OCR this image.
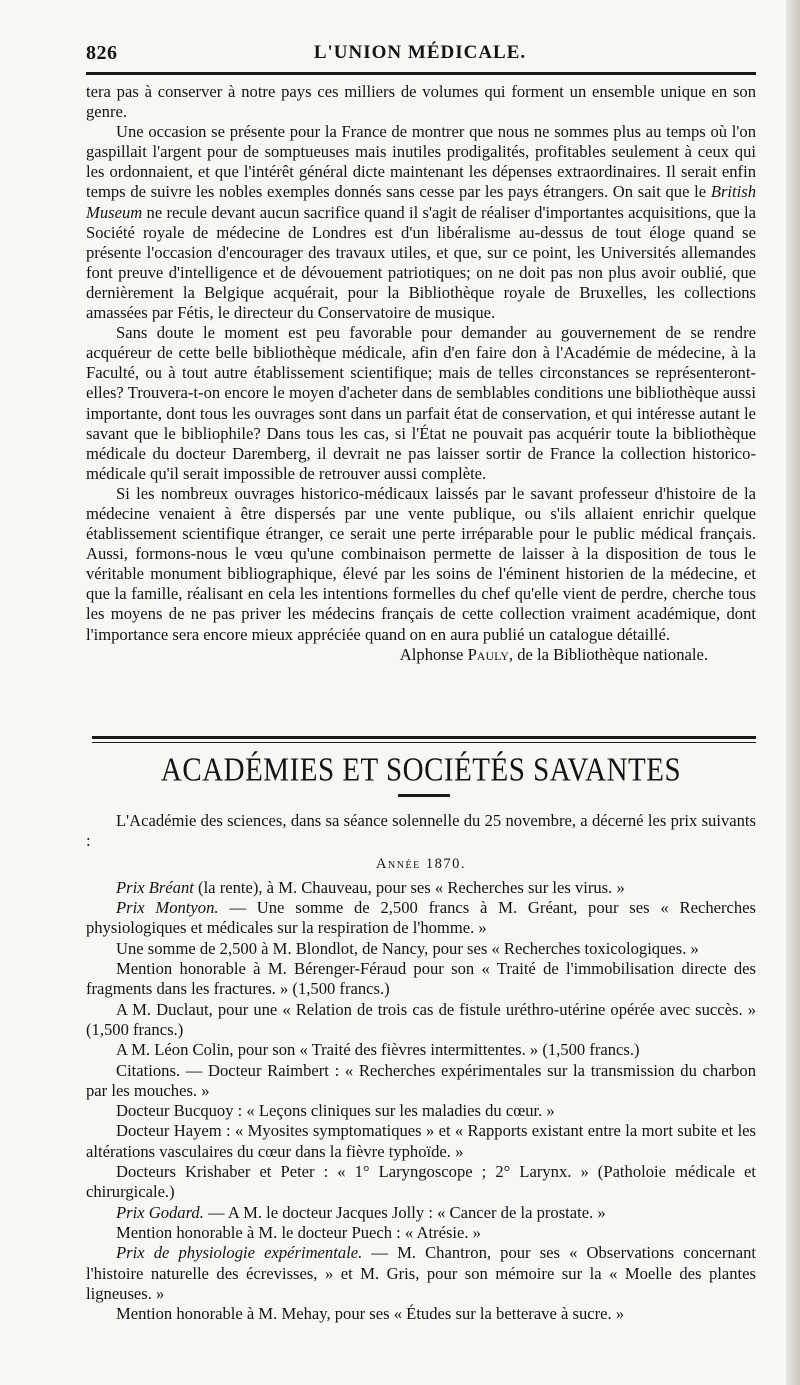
826	L'UNION MÉDICALE.

tera pas à conserver à notre pays ces milliers de volumes qui forment un ensemble unique en son genre.

Une occasion se présente pour la France de montrer que nous ne sommes plus au temps où l'on gaspillait l'argent pour de somptueuses mais inutiles prodigalités, profitables seulement à ceux qui les ordonnaient, et que l'intérêt général dicte maintenant les dépenses extraordinaires. Il serait enfin temps de suivre les nobles exemples donnés sans cesse par les pays étrangers. On sait que le British Museum ne recule devant aucun sacrifice quand il s'agit de réaliser d'importantes acquisitions, que la Société royale de médecine de Londres est d'un libéralisme au-dessus de tout éloge quand se présente l'occasion d'encourager des travaux utiles, et que, sur ce point, les Universités allemandes font preuve d'intelligence et de dévouement patriotiques; on ne doit pas non plus avoir oublié, que dernièrement la Belgique acquérait, pour la Bibliothèque royale de Bruxelles, les collections amassées par Fétis, le directeur du Conservatoire de musique.

Sans doute le moment est peu favorable pour demander au gouvernement de se rendre acquéreur de cette belle bibliothèque médicale, afin d'en faire don à l'Académie de médecine, à la Faculté, ou à tout autre établissement scientifique; mais de telles circonstances se représenteront-elles? Trouvera-t-on encore le moyen d'acheter dans de semblables conditions une bibliothèque aussi importante, dont tous les ouvrages sont dans un parfait état de conservation, et qui intéresse autant le savant que le bibliophile? Dans tous les cas, si l'État ne pouvait pas acquérir toute la bibliothèque médicale du docteur Daremberg, il devrait ne pas laisser sortir de France la collection historico-médicale qu'il serait impossible de retrouver aussi complète.

Si les nombreux ouvrages historico-médicaux laissés par le savant professeur d'histoire de la médecine venaient à être dispersés par une vente publique, ou s'ils allaient enrichir quelque établissement scientifique étranger, ce serait une perte irréparable pour le public médical français. Aussi, formons-nous le vœu qu'une combinaison permette de laisser à la disposition de tous le véritable monument bibliographique, élevé par les soins de l'éminent historien de la médecine, et que la famille, réalisant en cela les intentions formelles du chef qu'elle vient de perdre, cherche tous les moyens de ne pas priver les médecins français de cette collection vraiment académique, dont l'importance sera encore mieux appréciée quand on en aura publié un catalogue détaillé.

Alphonse Pauly, de la Bibliothèque nationale.

ACADÉMIES ET SOCIÉTÉS SAVANTES

L'Académie des sciences, dans sa séance solennelle du 25 novembre, a décerné les prix suivants :

Année 1870.

Prix Bréant (la rente), à M. Chauveau, pour ses « Recherches sur les virus. »

Prix Montyon. — Une somme de 2,500 francs à M. Gréant, pour ses « Recherches physiologiques et médicales sur la respiration de l'homme. »

Une somme de 2,500 à M. Blondlot, de Nancy, pour ses « Recherches toxicologiques. »

Mention honorable à M. Bérenger-Féraud pour son « Traité de l'immobilisation directe des fragments dans les fractures. » (1,500 francs.)

A M. Duclaut, pour une « Relation de trois cas de fistule uréthro-utérine opérée avec succès. » (1,500 francs.)

A M. Léon Colin, pour son « Traité des fièvres intermittentes. » (1,500 francs.)

Citations. — Docteur Raimbert : « Recherches expérimentales sur la transmission du charbon par les mouches. »

Docteur Bucquoy : « Leçons cliniques sur les maladies du cœur. »

Docteur Hayem : « Myosites symptomatiques » et « Rapports existant entre la mort subite et les altérations vasculaires du cœur dans la fièvre typhoïde. »

Docteurs Krishaber et Peter : « 1° Laryngoscope ; 2° Larynx. » (Patholoie médicale et chirurgicale.)

Prix Godard. — A M. le docteur Jacques Jolly : « Cancer de la prostate. »

Mention honorable à M. le docteur Puech : « Atrésie. »

Prix de physiologie expérimentale. — M. Chantron, pour ses « Observations concernant l'histoire naturelle des écrevisses, » et M. Gris, pour son mémoire sur la « Moelle des plantes ligneuses. »

Mention honorable à M. Mehay, pour ses « Études sur la betterave à sucre. »
